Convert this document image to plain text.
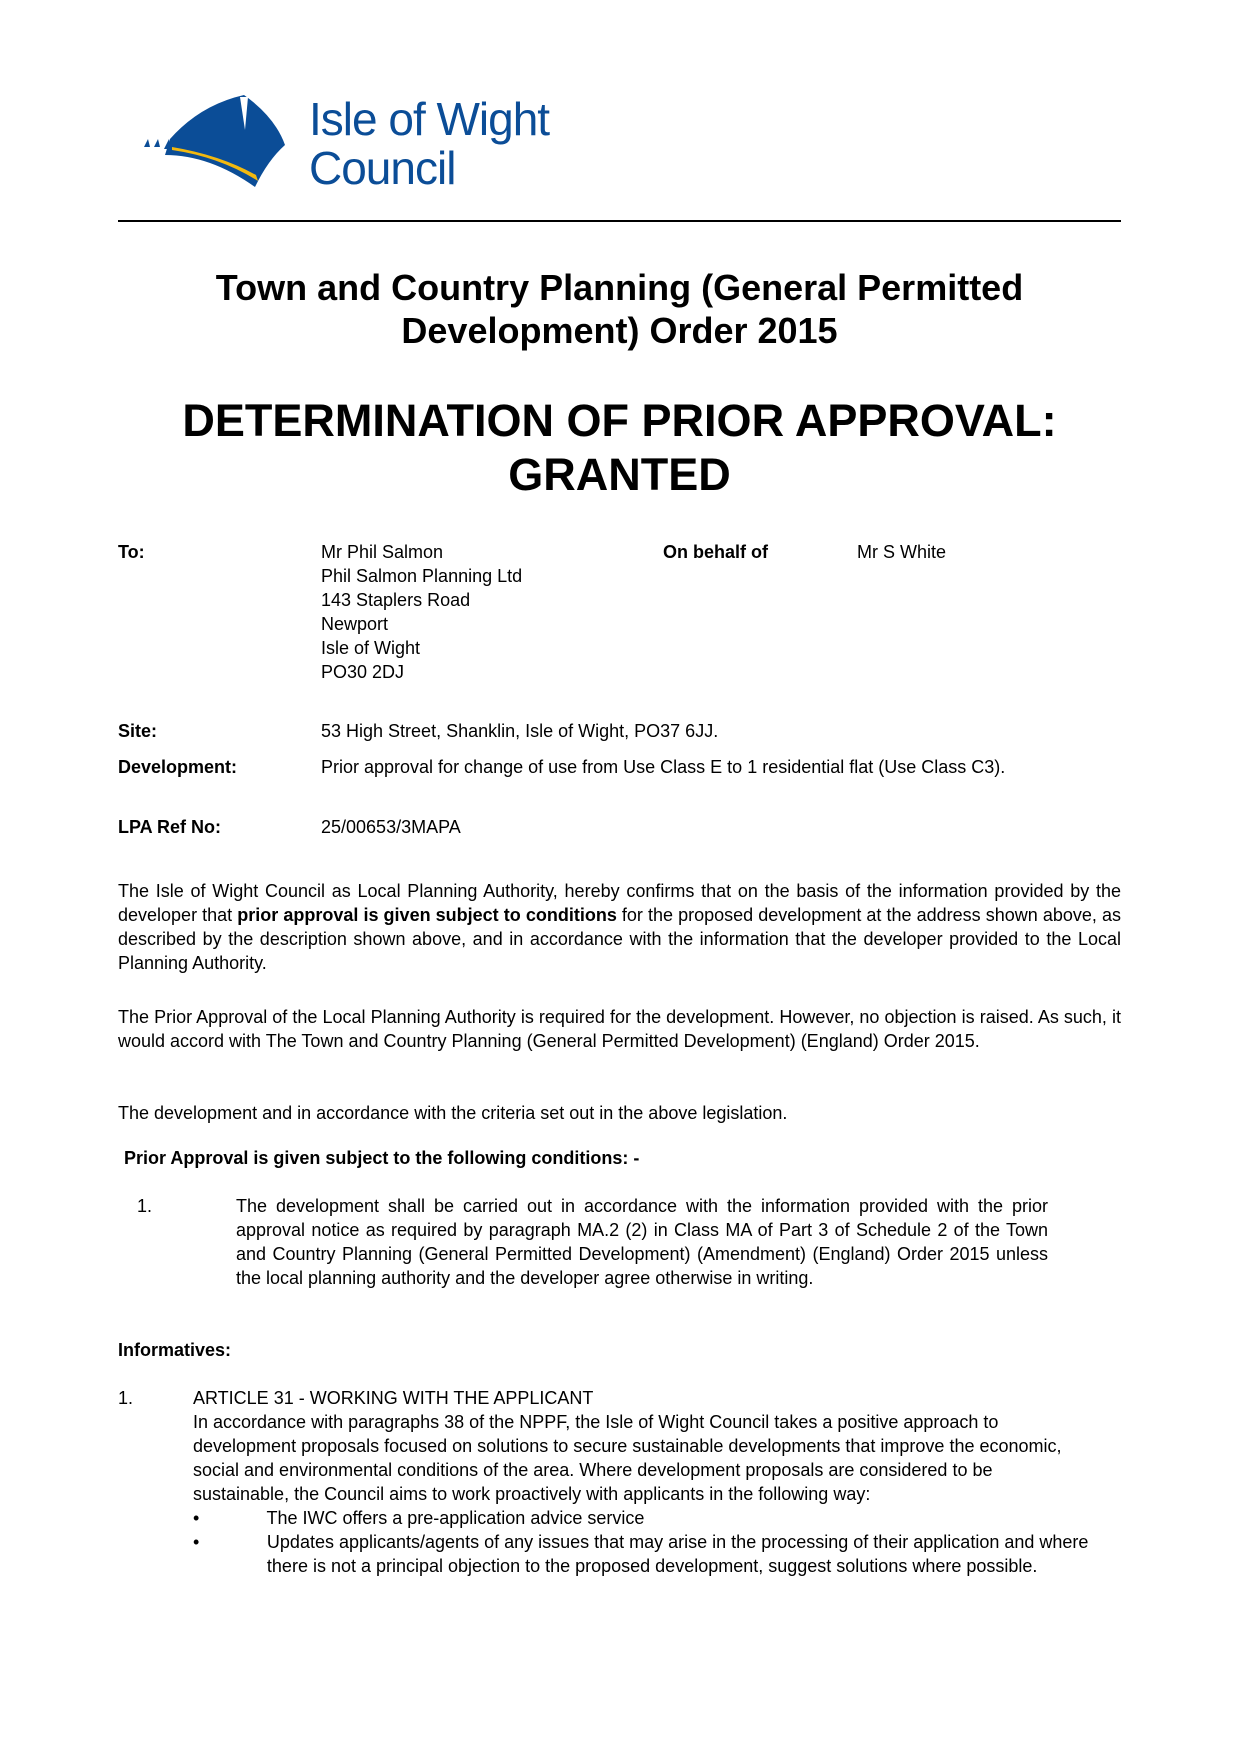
Isle of Wight
Council
Town and Country Planning (General Permitted
Development) Order 2015
DETERMINATION OF PRIOR APPROVAL:
GRANTED
To:	Mr Phil Salmon
Phil Salmon Planning Ltd
143 Staplers Road
Newport
Isle of Wight
PO30 2DJ
On behalf of	Mr S White
Site:	53 High Street, Shanklin, Isle of Wight, PO37 6JJ.
Development:	Prior approval for change of use from Use Class E to 1 residential flat (Use Class C3).
LPA Ref No:	25/00653/3MAPA
The Isle of Wight Council as Local Planning Authority, hereby confirms that on the basis of the information provided by the developer that prior approval is given subject to conditions for the proposed development at the address shown above, as described by the description shown above, and in accordance with the information that the developer provided to the Local Planning Authority.
The Prior Approval of the Local Planning Authority is required for the development. However, no objection is raised. As such, it would accord with The Town and Country Planning (General Permitted Development) (England) Order 2015.
The development and in accordance with the criteria set out in the above legislation.
Prior Approval is given subject to the following conditions: -
1.	The development shall be carried out in accordance with the information provided with the prior approval notice as required by paragraph MA.2 (2) in Class MA of Part 3 of Schedule 2 of the Town and Country Planning (General Permitted Development) (Amendment) (England) Order 2015 unless the local planning authority and the developer agree otherwise in writing.
Informatives:
1.	ARTICLE 31 - WORKING WITH THE APPLICANT
In accordance with paragraphs 38 of the NPPF, the Isle of Wight Council takes a positive approach to development proposals focused on solutions to secure sustainable developments that improve the economic, social and environmental conditions of the area. Where development proposals are considered to be sustainable, the Council aims to work proactively with applicants in the following way:
•	The IWC offers a pre-application advice service
•	Updates applicants/agents of any issues that may arise in the processing of their application and where there is not a principal objection to the proposed development, suggest solutions where possible.
